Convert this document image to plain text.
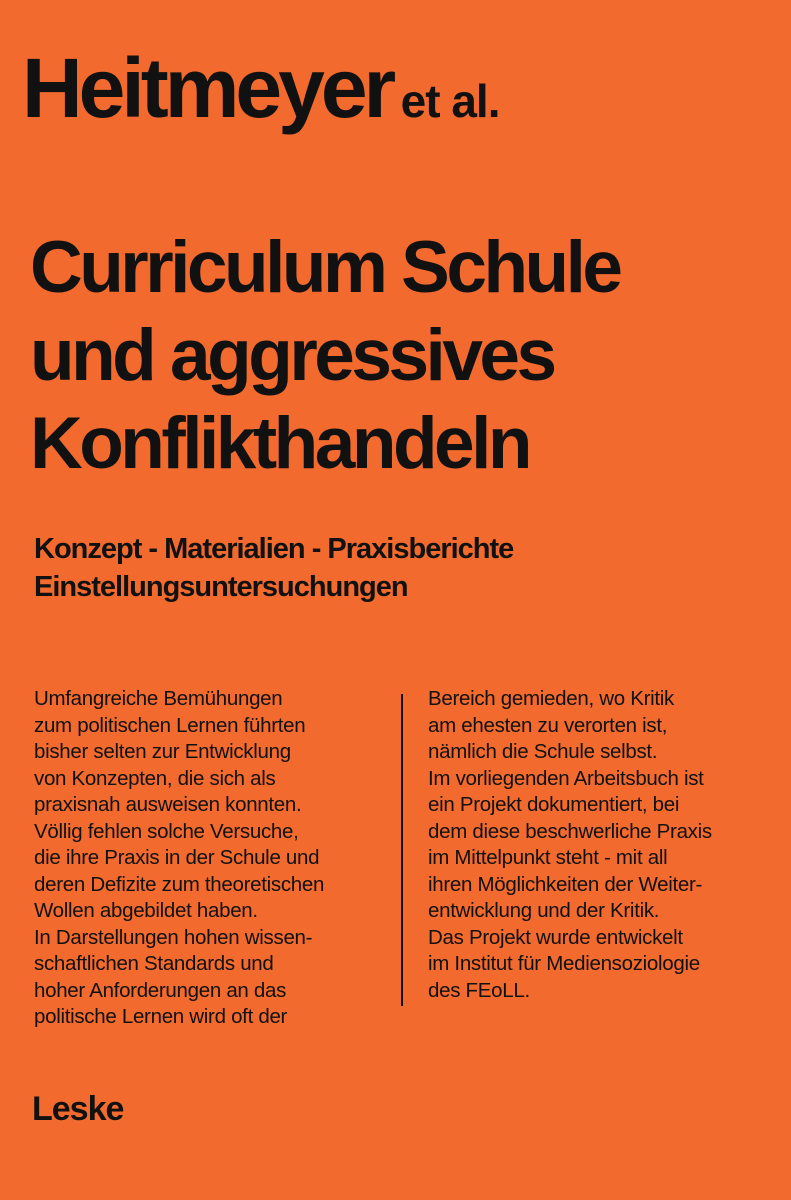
Heitmeyer et al.
Curriculum Schule
und aggressives
Konflikthandeln
Konzept - Materialien - Praxisberichte
Einstellungsuntersuchungen
Umfangreiche Bemühungen
zum politischen Lernen führten
bisher selten zur Entwicklung
von Konzepten, die sich als
praxisnah ausweisen konnten.
Völlig fehlen solche Versuche,
die ihre Praxis in der Schule und
deren Defizite zum theoretischen
Wollen abgebildet haben.
In Darstellungen hohen wissen-
schaftlichen Standards und
hoher Anforderungen an das
politische Lernen wird oft der
Bereich gemieden, wo Kritik
am ehesten zu verorten ist,
nämlich die Schule selbst.
Im vorliegenden Arbeitsbuch ist
ein Projekt dokumentiert, bei
dem diese beschwerliche Praxis
im Mittelpunkt steht - mit all
ihren Möglichkeiten der Weiter-
entwicklung und der Kritik.
Das Projekt wurde entwickelt
im Institut für Mediensoziologie
des FEoLL.
Leske
